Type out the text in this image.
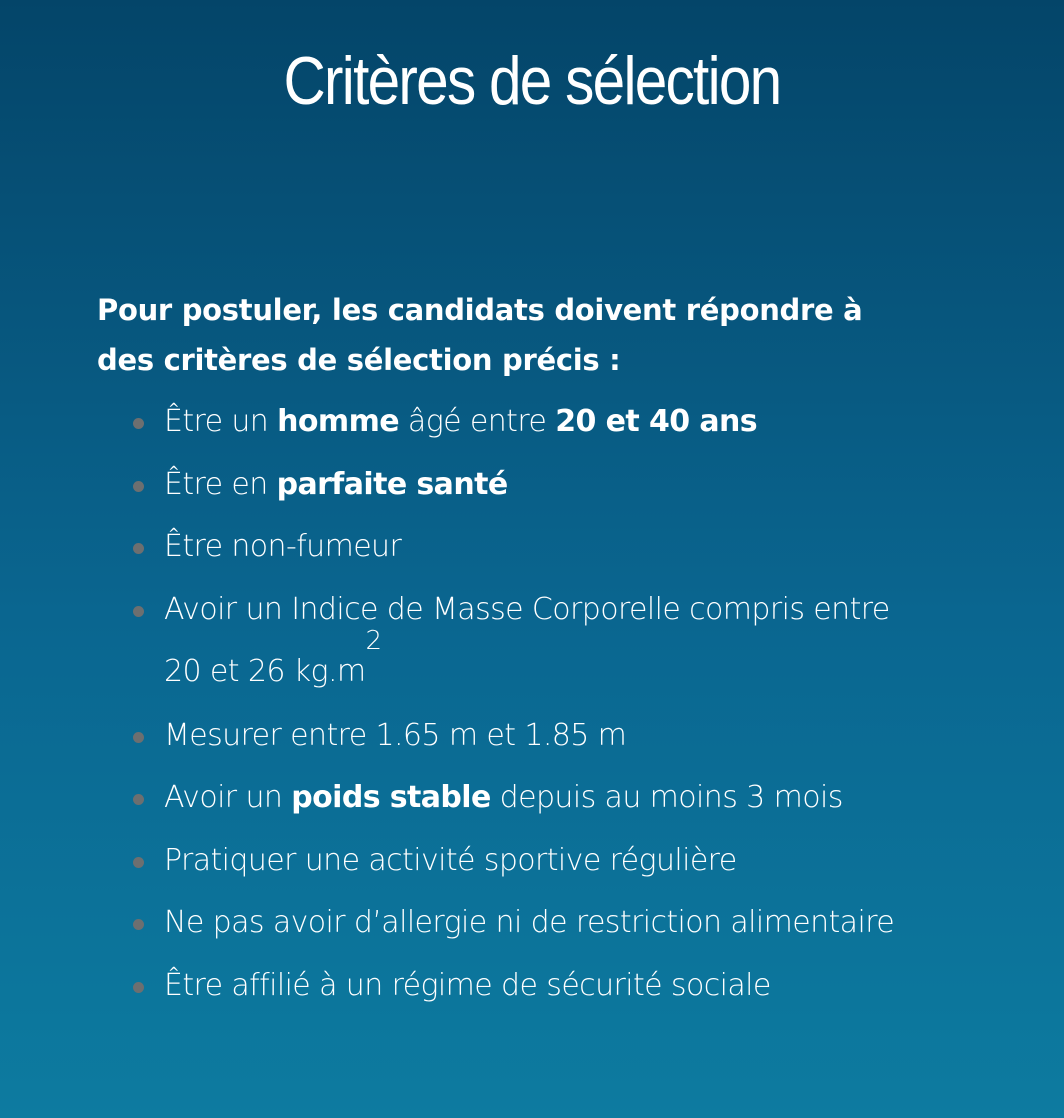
Critères de sélection

Pour postuler, les candidats doivent répondre à
des critères de sélection précis :

Être un homme âgé entre 20 et 40 ans
Être en parfaite santé
Être non-fumeur
Avoir un Indice de Masse Corporelle compris entre
20 et 26 kg.m2
Mesurer entre 1.65 m et 1.85 m
Avoir un poids stable depuis au moins 3 mois
Pratiquer une activité sportive régulière
Ne pas avoir d’allergie ni de restriction alimentaire
Être affilié à un régime de sécurité sociale
